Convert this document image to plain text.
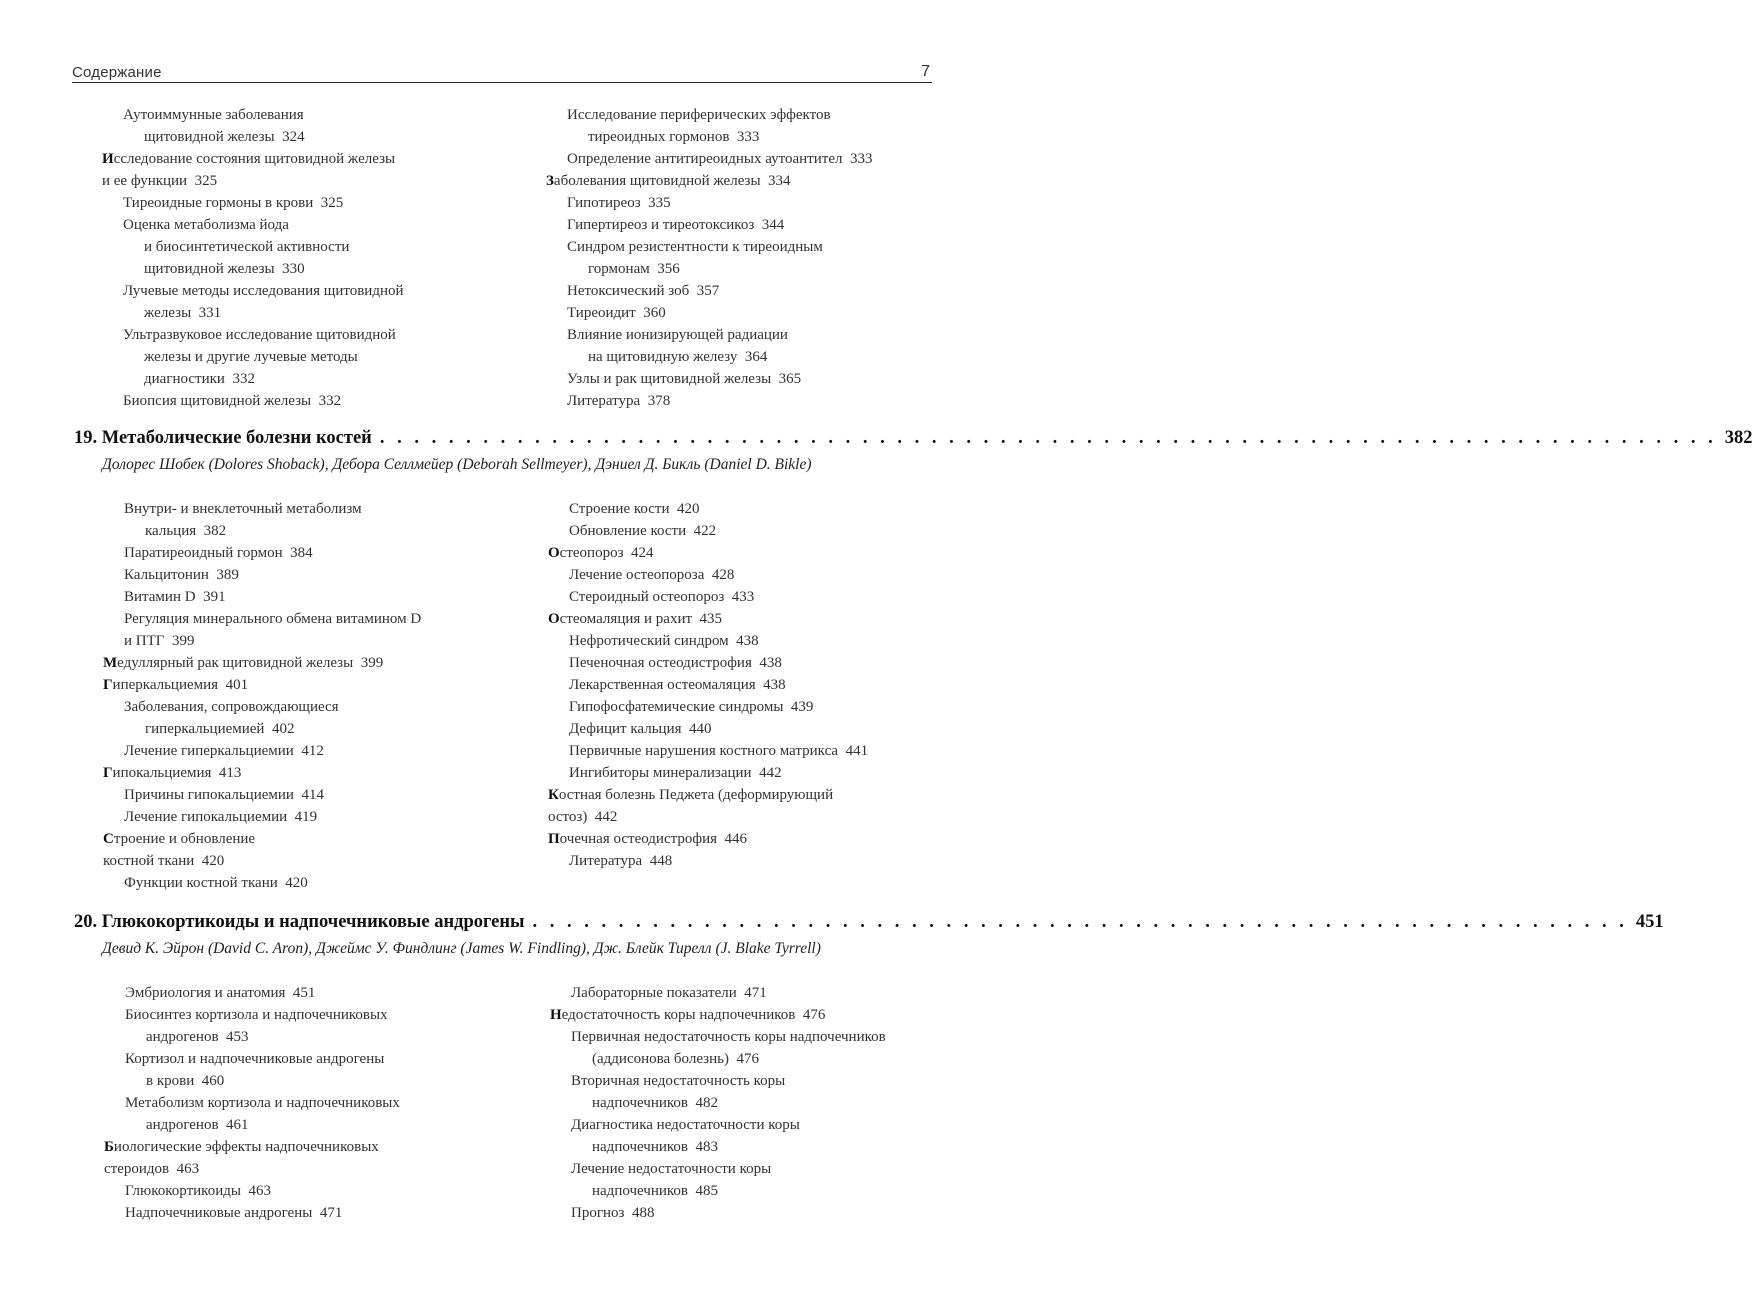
Содержание	7
Аутоиммунные заболевания
щитовидной железы 324
Исследование состояния щитовидной железы
и ее функции 325
Тиреоидные гормоны в крови 325
Оценка метаболизма йода
и биосинтетической активности
щитовидной железы 330
Лучевые методы исследования щитовидной
железы 331
Ультразвуковое исследование щитовидной
железы и другие лучевые методы
диагностики 332
Биопсия щитовидной железы 332
Исследование периферических эффектов
тиреоидных гормонов 333
Определение антитиреоидных аутоантител 333
Заболевания щитовидной железы 334
Гипотиреоз 335
Гипертиреоз и тиреотоксикоз 344
Синдром резистентности к тиреоидным
гормонам 356
Нетоксический зоб 357
Тиреоидит 360
Влияние ионизирующей радиации
на щитовидную железу 364
Узлы и рак щитовидной железы 365
Литература 378
19. Метаболические болезни костей . . . . . . . . . . . . . . . . . . . . . . . . . . . . . . . . . . . . . . . . . . . . . . . . . . . . . . . . . . . . . . . . . . . . . . . . . . . . . . 382
Долорес Шобек (Dolores Shoback), Дебора Селлмейер (Deborah Sellmeyer), Дэниел Д. Бикль (Daniel D. Bikle)
Внутри- и внеклеточный метаболизм
кальция 382
Паратиреоидный гормон 384
Кальцитонин 389
Витамин D 391
Регуляция минерального обмена витамином D
и ПТГ 399
Медуллярный рак щитовидной железы 399
Гиперкальциемия 401
Заболевания, сопровождающиеся
гиперкальциемией 402
Лечение гиперкальциемии 412
Гипокальциемия 413
Причины гипокальциемии 414
Лечение гипокальциемии 419
Строение и обновление
костной ткани 420
Функции костной ткани 420
Строение кости 420
Обновление кости 422
Остеопороз 424
Лечение остеопороза 428
Стероидный остеопороз 433
Остеомаляция и рахит 435
Нефротический синдром 438
Печеночная остеодистрофия 438
Лекарственная остеомаляция 438
Гипофосфатемические синдромы 439
Дефицит кальция 440
Первичные нарушения костного матрикса 441
Ингибиторы минерализации 442
Костная болезнь Педжета (деформирующий
остоз) 442
Почечная остеодистрофия 446
Литература 448
20. Глюкокортикоиды и надпочечниковые андрогены . . . . . . . . . . . . . . . . . . . . . . . . . . . . . . . . . . . . . . . . . . . . . . . . . . . . . . . . . . . . . . . . 451
Девид К. Эйрон (David C. Aron), Джеймс У. Финдлинг (James W. Findling), Дж. Блейк Тирелл (J. Blake Tyrrell)
Эмбриология и анатомия 451
Биосинтез кортизола и надпочечниковых
андрогенов 453
Кортизол и надпочечниковые андрогены
в крови 460
Метаболизм кортизола и надпочечниковых
андрогенов 461
Биологические эффекты надпочечниковых
стероидов 463
Глюкокортикоиды 463
Надпочечниковые андрогены 471
Лабораторные показатели 471
Недостаточность коры надпочечников 476
Первичная недостаточность коры надпочечников
(аддисонова болезнь) 476
Вторичная недостаточность коры
надпочечников 482
Диагностика недостаточности коры
надпочечников 483
Лечение недостаточности коры
надпочечников 485
Прогноз 488
